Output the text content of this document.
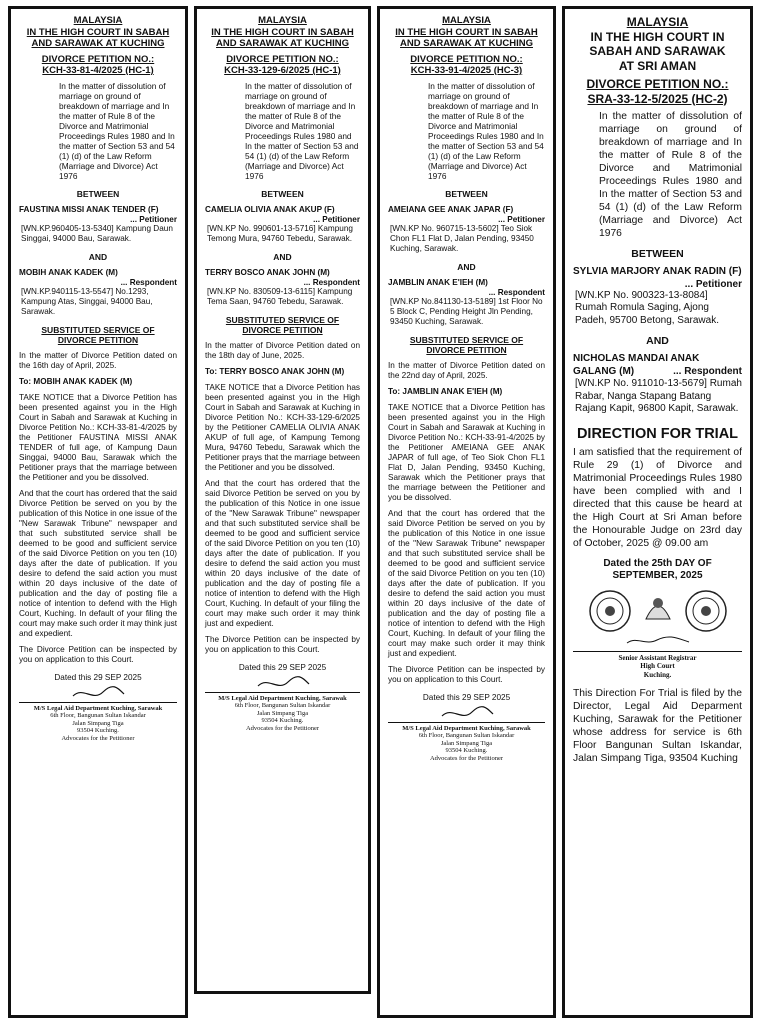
MALAYSIA
IN THE HIGH COURT IN SABAH
AND SARAWAK AT KUCHING
DIVORCE PETITION NO.:
KCH-33-81-4/2025 (HC-1)
In the matter of dissolution of marriage on ground of breakdown of marriage and In the matter of Rule 8 of the Divorce and Matrimonial Proceedings Rules 1980 and In the matter of Section 53 and 54 (1) (d) of the Law Reform (Marriage and Divorce) Act 1976
BETWEEN
FAUSTINA MISSI ANAK TENDER (F)
... Petitioner
[WN.KP.960405-13-5340] Kampung Daun Singgai, 94000 Bau, Sarawak.
AND
MOBIH ANAK KADEK (M)
... Respondent
[WN.KP.940115-13-5547] No.1293, Kampung Atas, Singgai, 94000 Bau, Sarawak.
SUBSTITUTED SERVICE OF
DIVORCE PETITION
In the matter of Divorce Petition dated on the 16th day of April, 2025.
To: MOBIH ANAK KADEK (M)
TAKE NOTICE that a Divorce Petition has been presented against you in the High Court in Sabah and Sarawak at Kuching in Divorce Petition No.: KCH-33-81-4/2025 by the Petitioner FAUSTINA MISSI ANAK TENDER of full age, of Kampung Daun Singgai, 94000 Bau, Sarawak which the Petitioner prays that the marriage between the Petitioner and you be dissolved.
And that the court has ordered that the said Divorce Petition be served on you by the publication of this Notice in one issue of the "New Sarawak Tribune" newspaper and that such substituted service shall be deemed to be good and sufficient service of the said Divorce Petition on you ten (10) days after the date of publication. If you desire to defend the said action you must within 20 days inclusive of the date of publication and the day of posting file a notice of intention to defend with the High Court, Kuching. In default of your filing the court may make such order it may think just and expedient.
The Divorce Petition can be inspected by you on application to this Court.
Dated this 29 SEP 2025
M/S Legal Aid Department Kuching, Sarawak
6th Floor, Bangunan Sultan Iskandar
Jalan Simpang Tiga
93504 Kuching.
Advocates for the Petitioner
MALAYSIA
IN THE HIGH COURT IN SABAH
AND SARAWAK AT KUCHING
DIVORCE PETITION NO.:
KCH-33-129-6/2025 (HC-1)
In the matter of dissolution of marriage on ground of breakdown of marriage and In the matter of Rule 8 of the Divorce and Matrimonial Proceedings Rules 1980 and In the matter of Section 53 and 54 (1) (d) of the Law Reform (Marriage and Divorce) Act 1976
BETWEEN
CAMELIA OLIVIA ANAK AKUP (F)
... Petitioner
[WN.KP No. 990601-13-5716] Kampung Temong Mura, 94760 Tebedu, Sarawak.
AND
TERRY BOSCO ANAK JOHN (M)
... Respondent
[WN.KP No. 830509-13-6115] Kampung Tema Saan, 94760 Tebedu, Sarawak.
SUBSTITUTED SERVICE OF
DIVORCE PETITION
In the matter of Divorce Petition dated on the 18th day of June, 2025.
To: TERRY BOSCO ANAK JOHN (M)
TAKE NOTICE that a Divorce Petition has been presented against you in the High Court in Sabah and Sarawak at Kuching in Divorce Petition No.: KCH-33-129-6/2025 by the Petitioner CAMELIA OLIVIA ANAK AKUP of full age, of Kampung Temong Mura, 94760 Tebedu, Sarawak which the Petitioner prays that the marriage between the Petitioner and you be dissolved.
And that the court has ordered that the said Divorce Petition be served on you by the publication of this Notice in one issue of the "New Sarawak Tribune" newspaper and that such substituted service shall be deemed to be good and sufficient service of the said Divorce Petition on you ten (10) days after the date of publication. If you desire to defend the said action you must within 20 days inclusive of the date of publication and the day of posting file a notice of intention to defend with the High Court, Kuching. In default of your filing the court may make such order it may think just and expedient.
The Divorce Petition can be inspected by you on application to this Court.
Dated this 29 SEP 2025
M/S Legal Aid Department Kuching, Sarawak
6th Floor, Bangunan Sultan Iskandar
Jalan Simpang Tiga
93504 Kuching.
Advocates for the Petitioner
MALAYSIA
IN THE HIGH COURT IN SABAH
AND SARAWAK AT KUCHING
DIVORCE PETITION NO.:
KCH-33-91-4/2025 (HC-3)
In the matter of dissolution of marriage on ground of breakdown of marriage and In the matter of Rule 8 of the Divorce and Matrimonial Proceedings Rules 1980 and In the matter of Section 53 and 54 (1) (d) of the Law Reform (Marriage and Divorce) Act 1976
BETWEEN
AMEIANA GEE ANAK JAPAR (F)
... Petitioner
[WN.KP No. 960715-13-5602] Teo Siok Chon FL1 Flat D, Jalan Pending, 93450 Kuching, Sarawak.
AND
JAMBLIN ANAK E'IEH (M)
... Respondent
[WN.KP No.841130-13-5189] 1st Floor No 5 Block C, Pending Height Jln Pending, 93450 Kuching, Sarawak.
SUBSTITUTED SERVICE OF
DIVORCE PETITION
In the matter of Divorce Petition dated on the 22nd day of April, 2025.
To: JAMBLIN ANAK E'IEH (M)
TAKE NOTICE that a Divorce Petition has been presented against you in the High Court in Sabah and Sarawak at Kuching in Divorce Petition No.: KCH-33-91-4/2025 by the Petitioner AMEIANA GEE ANAK JAPAR of full age, of Teo Siok Chon FL1 Flat D, Jalan Pending, 93450 Kuching, Sarawak which the Petitioner prays that the marriage between the Petitioner and you be dissolved.
And that the court has ordered that the said Divorce Petition be served on you by the publication of this Notice in one issue of the "New Sarawak Tribune" newspaper and that such substituted service shall be deemed to be good and sufficient service of the said Divorce Petition on you ten (10) days after the date of publication. If you desire to defend the said action you must within 20 days inclusive of the date of publication and the day of posting file a notice of intention to defend with the High Court, Kuching. In default of your filing the court may make such order it may think just and expedient.
The Divorce Petition can be inspected by you on application to this Court.
Dated this 29 SEP 2025
M/S Legal Aid Department Kuching, Sarawak
6th Floor, Bangunan Sultan Iskandar
Jalan Simpang Tiga
93504 Kuching.
Advocates for the Petitioner
MALAYSIA
IN THE HIGH COURT IN
SABAH AND SARAWAK
AT SRI AMAN
DIVORCE PETITION NO.:
SRA-33-12-5/2025 (HC-2)
In the matter of dissolution of marriage on ground of breakdown of marriage and In the matter of Rule 8 of the Divorce and Matrimonial Proceedings Rules 1980 and In the matter of Section 53 and 54 (1) (d) of the Law Reform (Marriage and Divorce) Act 1976
BETWEEN
SYLVIA MARJORY ANAK RADIN (F)
... Petitioner
[WN.KP No. 900323-13-8084] Rumah Romula Saging, Ajong Padeh, 95700 Betong, Sarawak.
AND
NICHOLAS MANDAI ANAK
GALANG (M)	... Respondent
[WN.KP No. 911010-13-5679] Rumah Rabar, Nanga Stapang Batang Rajang Kapit, 96800 Kapit, Sarawak.
DIRECTION FOR TRIAL
I am satisfied that the requirement of Rule 29 (1) of Divorce and Matrimonial Proceedings Rules 1980 have been complied with and I directed that this cause be heard at the High Court at Sri Aman before the Honourable Judge on 23rd day of October, 2025 @ 09.00 am
Dated the 25th DAY OF
SEPTEMBER, 2025
Senior Assistant Registrar
High Court
Kuching.
This Direction For Trial is filed by the Director, Legal Aid Deparment Kuching, Sarawak for the Petitioner whose address for service is 6th Floor Bangunan Sultan Iskandar, Jalan Simpang Tiga, 93504 Kuching
